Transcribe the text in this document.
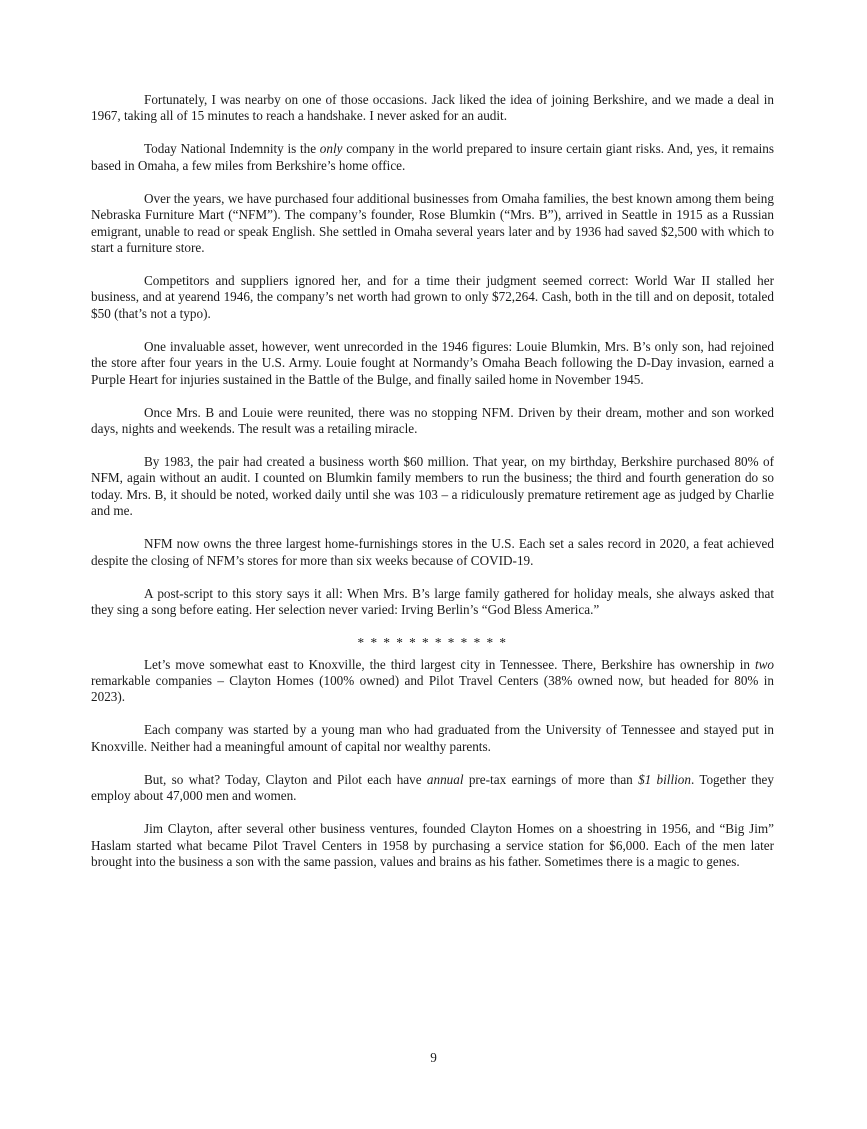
Fortunately, I was nearby on one of those occasions. Jack liked the idea of joining Berkshire, and we made a deal in 1967, taking all of 15 minutes to reach a handshake. I never asked for an audit.

Today National Indemnity is the only company in the world prepared to insure certain giant risks. And, yes, it remains based in Omaha, a few miles from Berkshire’s home office.

Over the years, we have purchased four additional businesses from Omaha families, the best known among them being Nebraska Furniture Mart (“NFM”). The company’s founder, Rose Blumkin (“Mrs. B”), arrived in Seattle in 1915 as a Russian emigrant, unable to read or speak English. She settled in Omaha several years later and by 1936 had saved $2,500 with which to start a furniture store.

Competitors and suppliers ignored her, and for a time their judgment seemed correct: World War II stalled her business, and at yearend 1946, the company’s net worth had grown to only $72,264. Cash, both in the till and on deposit, totaled $50 (that’s not a typo).

One invaluable asset, however, went unrecorded in the 1946 figures: Louie Blumkin, Mrs. B’s only son, had rejoined the store after four years in the U.S. Army. Louie fought at Normandy’s Omaha Beach following the D-Day invasion, earned a Purple Heart for injuries sustained in the Battle of the Bulge, and finally sailed home in November 1945.

Once Mrs. B and Louie were reunited, there was no stopping NFM. Driven by their dream, mother and son worked days, nights and weekends. The result was a retailing miracle.

By 1983, the pair had created a business worth $60 million. That year, on my birthday, Berkshire purchased 80% of NFM, again without an audit. I counted on Blumkin family members to run the business; the third and fourth generation do so today. Mrs. B, it should be noted, worked daily until she was 103 – a ridiculously premature retirement age as judged by Charlie and me.

NFM now owns the three largest home-furnishings stores in the U.S. Each set a sales record in 2020, a feat achieved despite the closing of NFM’s stores for more than six weeks because of COVID-19.

A post-script to this story says it all: When Mrs. B’s large family gathered for holiday meals, she always asked that they sing a song before eating. Her selection never varied: Irving Berlin’s “God Bless America.”

* * * * * * * * * * * *

Let’s move somewhat east to Knoxville, the third largest city in Tennessee. There, Berkshire has ownership in two remarkable companies – Clayton Homes (100% owned) and Pilot Travel Centers (38% owned now, but headed for 80% in 2023).

Each company was started by a young man who had graduated from the University of Tennessee and stayed put in Knoxville. Neither had a meaningful amount of capital nor wealthy parents.

But, so what? Today, Clayton and Pilot each have annual pre-tax earnings of more than $1 billion. Together they employ about 47,000 men and women.

Jim Clayton, after several other business ventures, founded Clayton Homes on a shoestring in 1956, and “Big Jim” Haslam started what became Pilot Travel Centers in 1958 by purchasing a service station for $6,000. Each of the men later brought into the business a son with the same passion, values and brains as his father. Sometimes there is a magic to genes.

9
